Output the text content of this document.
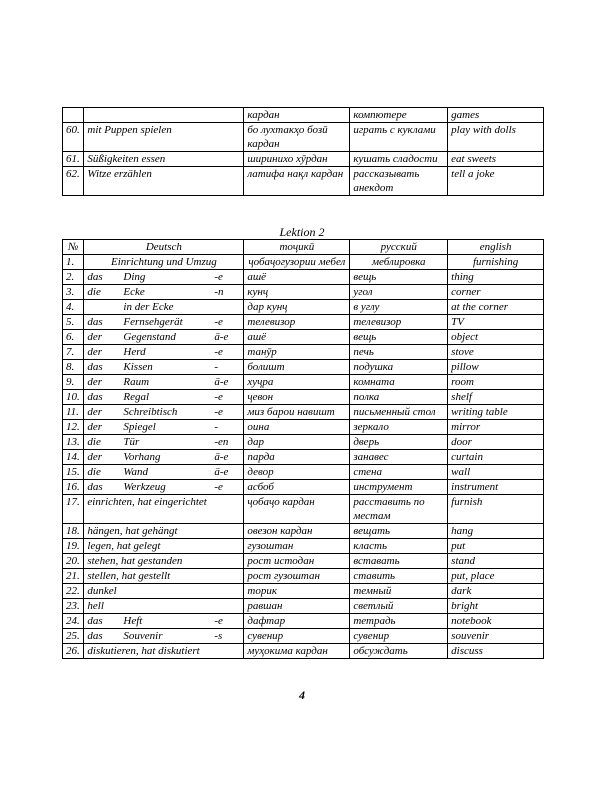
		кардан	компютере	games
60.	mit Puppen spielen	бо лухтакҳо бозӣ кардан	играть с куклами	play with dolls
61.	Süßigkeiten essen	ширинихо хӯрдан	кушать сладости	eat sweets
62.	Witze erzählen	латифа нақл кардан	рассказывать анекдот	tell a joke
Lektion 2
№	Deutsch	тоҷикӣ	русский	english
1.	Einrichtung und Umzug	ҷобаҷогузории мебел	меблировка	furnishing
2.	das Ding -e	ашё	вещь	thing
3.	die Ecke -n	кунҷ	угол	corner
4.	in der Ecke	дар кунҷ	в углу	at the corner
5.	das Fernsehgerät -e	телевизор	телевизор	TV
6.	der Gegenstand ä-e	ашё	вещь	object
7.	der Herd -e	танӯр	печь	stove
8.	das Kissen -	болишт	подушка	pillow
9.	der Raum ä-e	хуҷра	комната	room
10.	das Regal -e	ҷевон	полка	shelf
11.	der Schreibtisch -e	миз барои навишт	письменный стол	writing table
12.	der Spiegel -	оина	зеркало	mirror
13.	die Tür -en	дар	дверь	door
14.	der Vorhang ä-e	парда	занавес	curtain
15.	die Wand ä-e	девор	стена	wall
16.	das Werkzeug -e	асбоб	инструмент	instrument
17.	einrichten, hat eingerichtet	ҷобаҷо кардан	расставить по местам	furnish
18.	hängen, hat gehängt	овезон кардан	вещать	hang
19.	legen, hat gelegt	гузоштан	класть	put
20.	stehen, hat gestanden	рост истодан	вставать	stand
21.	stellen, hat gestellt	рост гузоштан	ставить	put, place
22.	dunkel	торик	темный	dark
23.	hell	равшан	светлый	bright
24.	das Heft -e	дафтар	тетрадь	notebook
25.	das Souvenir -s	сувенир	сувенир	souvenir
26.	diskutieren, hat diskutiert	муҳокима кардан	обсуждать	discuss
4
